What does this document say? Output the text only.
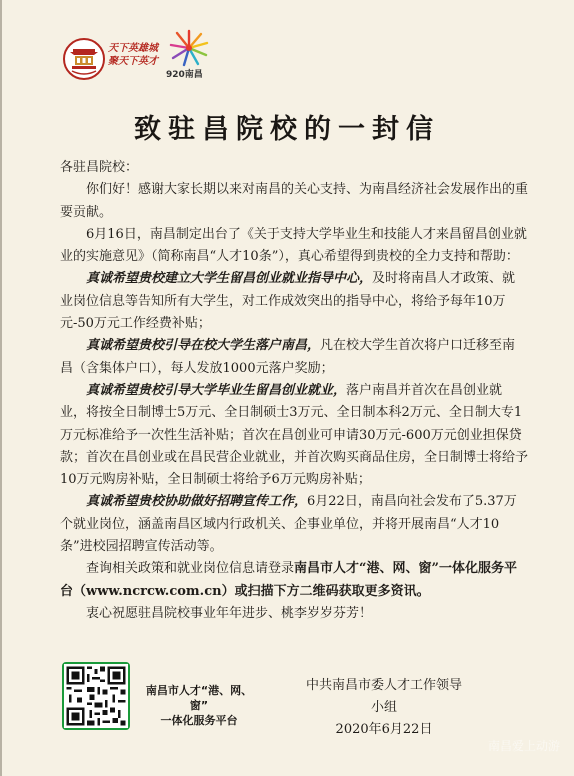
天下英雄城
聚天下英才
920南昌
致驻昌院校的一封信

各驻昌院校：

你们好！感谢大家长期以来对南昌的关心支持、为南昌经济社会发展作出的重要贡献。

6月16日，南昌制定出台了《关于支持大学毕业生和技能人才来昌留昌创业就业的实施意见》（简称南昌“人才10条”），真心希望得到贵校的全力支持和帮助：

真诚希望贵校建立大学生留昌创业就业指导中心，及时将南昌人才政策、就业岗位信息等告知所有大学生，对工作成效突出的指导中心，将给予每年10万元-50万元工作经费补贴；

真诚希望贵校引导在校大学生落户南昌，凡在校大学生首次将户口迁移至南昌（含集体户口），每人发放1000元落户奖励；

真诚希望贵校引导大学毕业生留昌创业就业，落户南昌并首次在昌创业就业，将按全日制博士5万元、全日制硕士3万元、全日制本科2万元、全日制大专1万元标准给予一次性生活补贴；首次在昌创业可申请30万元-600万元创业担保贷款；首次在昌创业或在昌民营企业就业，并首次购买商品住房，全日制博士将给予10万元购房补贴，全日制硕士将给予6万元购房补贴；

真诚希望贵校协助做好招聘宣传工作，6月22日，南昌向社会发布了5.37万个就业岗位，涵盖南昌区域内行政机关、企事业单位，并将开展南昌“人才10条”进校园招聘宣传活动等。

查询相关政策和就业岗位信息请登录南昌市人才“港、网、窗”一体化服务平台（www.ncrcw.com.cn）或扫描下方二维码获取更多资讯。

衷心祝愿驻昌院校事业年年进步、桃李岁岁芬芳！

南昌市人才“港、网、窗”
一体化服务平台
中共南昌市委人才工作领导小组
2020年6月22日
南昌爱上动游
